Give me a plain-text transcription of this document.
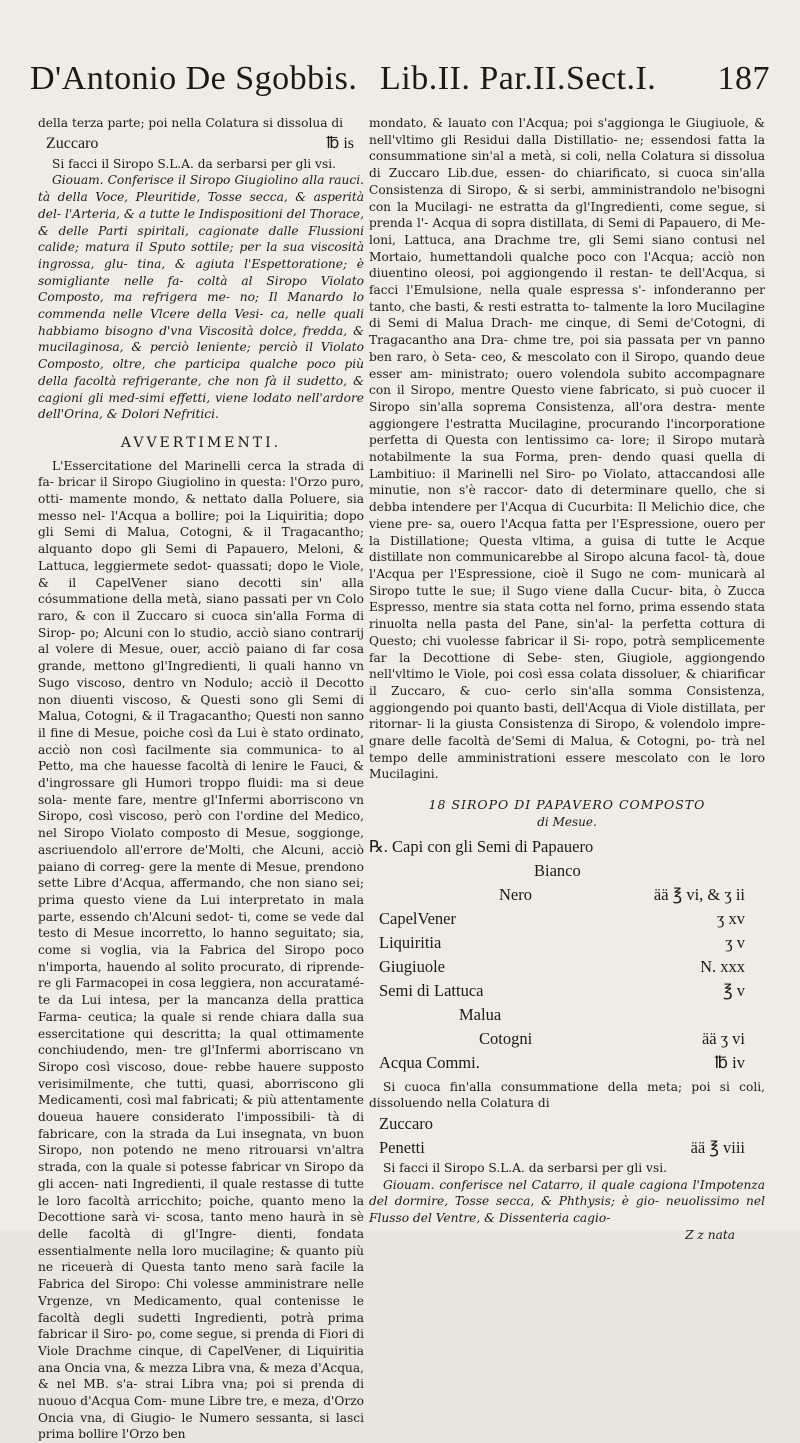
D'Antonio De Sgobbis. Lib.II. Par.II.Sect.I. 187

della terza parte; poi nella Colatura si dissolua di

Zuccaro	℔ is

Si facci il Siropo S.L.A. da serbarsi per gli vsi.

Giouam. Conferisce il Siropo Giugiolino alla rauci. tà della Voce, Pleuritide, Tosse secca, & asperità del- l'Arteria, & a tutte le Indispositioni del Thorace, & delle Parti spiritali, cagionate dalle Flussioni calide; matura il Sputo sottile; per la sua viscosità ingrossa, glu- tina, & agiuta l'Espettoratione; è somigliante nelle fa- coltà al Siropo Violato Composto, ma refrigera me- no; Il Manardo lo commenda nelle Vlcere della Vesi- ca, nelle quali habbiamo bisogno d'vna Viscosità dolce, fredda, & mucilaginosa, & perciò leniente; perciò il Violato Composto, oltre, che participa qualche poco più della facoltà refrigerante, che non fà il sudetto, & cagioni gli med-simi effetti, viene lodato nell'ardore dell'Orina, & Dolori Nefritici.

AVVERTIMENTI.

L'Essercitatione del Marinelli cerca la strada di fa- bricar il Siropo Giugiolino in questa: l'Orzo puro, otti- mamente mondo, & nettato dalla Poluere, sia messo nel- l'Acqua a bollire; poi la Liquiritia; dopo gli Semi di Malua, Cotogni, & il Tragacantho; alquanto dopo gli Semi di Papauero, Meloni, & Lattuca, leggiermete sedot- quassati; dopo le Viole, & il CapelVener siano decotti sin' alla cósummatione della metà, siano passati per vn Colo raro, & con il Zuccaro si cuoca sin'alla Forma di Sirop- po; Alcuni con lo studio, acciò siano contrarij al volere di Mesue, ouer, acciò paiano di far cosa grande, mettono gl'Ingredienti, li quali hanno vn Sugo viscoso, dentro vn Nodulo; acciò il Decotto non diuenti viscoso, & Questi sono gli Semi di Malua, Cotogni, & il Tragacantho; Questi non sanno il fine di Mesue, poiche così da Lui è stato ordinato, acciò non così facilmente sia communica- to al Petto, ma che hauesse facoltà di lenire le Fauci, & d'ingrossare gli Humori troppo fluidi: ma si deue sola- mente fare, mentre gl'Infermi aborriscono vn Siropo, così viscoso, però con l'ordine del Medico, nel Siropo Violato composto di Mesue, soggionge, ascriuendolo all'errore de'Molti, che Alcuni, acciò paiano di correg- gere la mente di Mesue, prendono sette Libre d'Acqua, affermando, che non siano sei; prima questo viene da Lui interpretato in mala parte, essendo ch'Alcuni sedot- ti, come se vede dal testo di Mesue incorretto, lo hanno seguitato; sia, come si voglia, via la Fabrica del Siropo poco n'importa, hauendo al solito procurato, di riprende- re gli Farmacopei in cosa leggiera, non accuratamé- te da Lui intesa, per la mancanza della prattica Farma- ceutica; la quale si rende chiara dalla sua essercitatione qui descritta; la qual ottimamente conchiudendo, men- tre gl'Infermi aborriscano vn Siropo così viscoso, doue- rebbe hauere supposto verisimilmente, che tutti, quasi, aborriscono gli Medicamenti, così mal fabricati; & più attentamente doueua hauere considerato l'impossibili- tà di fabricare, con la strada da Lui insegnata, vn buon Siropo, non potendo ne meno ritrouarsi vn'altra strada, con la quale si potesse fabricar vn Siropo da gli accen- nati Ingredienti, il quale restasse di tutte le loro facoltà arricchito; poiche, quanto meno la Decottione sarà vi- scosa, tanto meno haurà in sè delle facoltà di gl'Ingre- dienti, fondata essentialmente nella loro mucilagine; & quanto più ne riceuerà di Questa tanto meno sarà facile la Fabrica del Siropo: Chi volesse amministrare nelle Vrgenze, vn Medicamento, qual contenisse le facoltà degli sudetti Ingredienti, potrà prima fabricar il Siro- po, come segue, si prenda di Fiori di Viole Drachme cinque, di CapelVener, di Liquiritia ana Oncia vna, & mezza Libra vna, & meza d'Acqua, & nel MB. s'a- strai Libra vna; poi si prenda di nuouo d'Acqua Com- mune Libre tre, e meza, d'Orzo Oncia vna, di Giugio- le Numero sessanta, si lasci prima bollire l'Orzo ben

mondato, & lauato con l'Acqua; poi s'aggionga le Giugiuole, & nell'vltimo gli Residui dalla Distillatio- ne; essendosi fatta la consummatione sin'al a metà, si coli, nella Colatura si dissolua di Zuccaro Lib.due, essen- do chiarificato, si cuoca sin'alla Consistenza di Siropo, & si serbi, amministrandolo ne'bisogni con la Mucilagi- ne estratta da gl'Ingredienti, come segue, si prenda l'- Acqua di sopra distillata, di Semi di Papauero, di Me- loni, Lattuca, ana Drachme tre, gli Semi siano contusi nel Mortaio, humettandoli qualche poco con l'Acqua; acciò non diuentino oleosi, poi aggiongendo il restan- te dell'Acqua, si facci l'Emulsione, nella quale espressa s'- infonderanno per tanto, che basti, & resti estratta to- talmente la loro Mucilagine di Semi di Malua Drach- me cinque, di Semi de'Cotogni, di Tragacantho ana Dra- chme tre, poi sia passata per vn panno ben raro, ò Seta- ceo, & mescolato con il Siropo, quando deue esser am- ministrato; ouero volendola subito accompagnare con il Siropo, mentre Questo viene fabricato, si può cuocer il Siropo sin'alla soprema Consistenza, all'ora destra- mente aggiongere l'estratta Mucilagine, procurando l'incorporatione perfetta di Questa con lentissimo ca- lore; il Siropo mutarà notabilmente la sua Forma, pren- dendo quasi quella di Lambitiuo: il Marinelli nel Siro- po Violato, attaccandosi alle minutie, non s'è raccor- dato di determinare quello, che si debba intendere per l'Acqua di Cucurbita: Il Melichio dice, che viene pre- sa, ouero l'Acqua fatta per l'Espressione, ouero per la Distillatione; Questa vltima, a guisa di tutte le Acque distillate non communicarebbe al Siropo alcuna facol- tà, doue l'Acqua per l'Espressione, cioè il Sugo ne com- municarà al Siropo tutte le sue; il Sugo viene dalla Cucur- bita, ò Zucca Espresso, mentre sia stata cotta nel forno, prima essendo stata rinuolta nella pasta del Pane, sin'al- la perfetta cottura di Questo; chi vuolesse fabricar il Si- ropo, potrà semplicemente far la Decottione di Sebe- sten, Giugiole, aggiongendo nell'vltimo le Viole, poi così essa colata dissoluer, & chiarificar il Zuccaro, & cuo- cerlo sin'alla somma Consistenza, aggiongendo poi quanto basti, dell'Acqua di Viole distillata, per ritornar- li la giusta Consistenza di Siropo, & volendolo impre- gnare delle facoltà de'Semi di Malua, & Cotogni, po- trà nel tempo delle amministrationi essere mescolato con le loro Mucilagini.

18 SIROPO DI PAPAVERO COMPOSTO
di Mesue.
℞. Capi con gli Semi di Papauero
Bianco
Nero	ää ℥ vi, & ʒ ii
CapelVener	ʒ xv
Liquiritia	ʒ v
Giugiuole	N. xxx
Semi di Lattuca	℥ v
Malua
Cotogni	ää ʒ vi
Acqua Commi.	℔ iv

Si cuoca fin'alla consummatione della meta; poi si coli, dissoluendo nella Colatura di

Zuccaro
Penetti	ää ℥ viii

Si facci il Siropo S.L.A. da serbarsi per gli vsi.

Giouam. conferisce nel Catarro, il quale cagiona l'Impotenza del dormire, Tosse secca, & Phthysis; è gio- neuolissimo nel Flusso del Ventre, & Dissenteria cagio-

Z z nata
